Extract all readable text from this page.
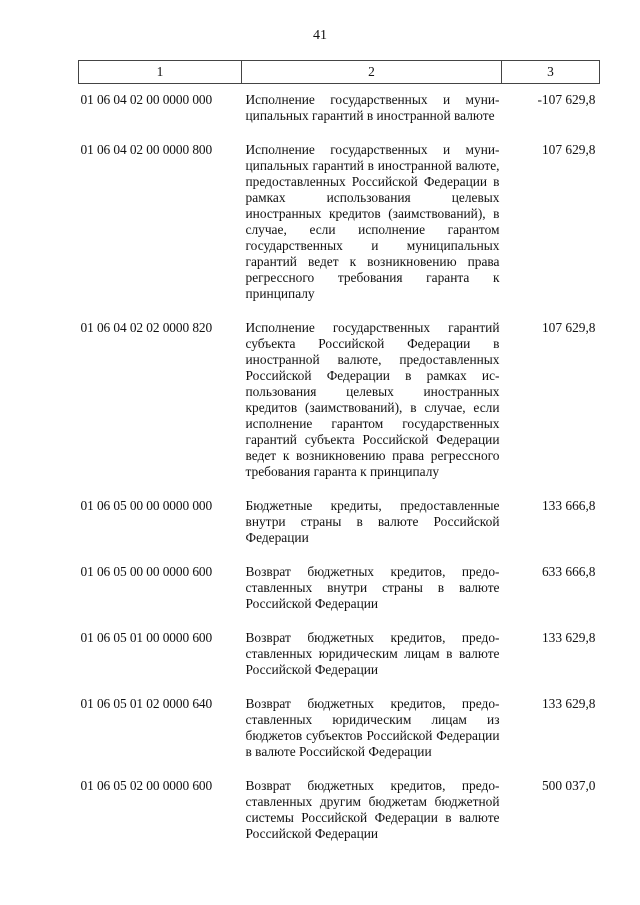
41
1	2	3
01 06 04 02 00 0000 000	Исполнение государственных и муниципальных гарантий в иностранной валюте	-107 629,8

01 06 04 02 00 0000 800	Исполнение государственных и муниципальных гарантий в иностранной валюте, предоставленных Российской Федерации в рамках использования целевых иностранных кредитов (заимствований), в случае, если исполнение гарантом государственных и муниципальных гарантий ведет к возникновению права регрессного требования гаранта к принципалу	107 629,8

01 06 04 02 02 0000 820	Исполнение государственных гарантий субъекта Российской Федерации в иностранной валюте, предоставленных Российской Федерации в рамках использования целевых иностранных кредитов (заимствований), в случае, если исполнение гарантом государственных гарантий субъекта Российской Федерации ведет к возникновению права регрессного требования гаранта к принципалу	107 629,8

01 06 05 00 00 0000 000	Бюджетные кредиты, предоставленные внутри страны в валюте Российской Федерации	133 666,8

01 06 05 00 00 0000 600	Возврат бюджетных кредитов, предоставленных внутри страны в валюте Российской Федерации	633 666,8

01 06 05 01 00 0000 600	Возврат бюджетных кредитов, предоставленных юридическим лицам в валюте Российской Федерации	133 629,8

01 06 05 01 02 0000 640	Возврат бюджетных кредитов, предоставленных юридическим лицам из бюджетов субъектов Российской Федерации в валюте Российской Федерации	133 629,8

01 06 05 02 00 0000 600	Возврат бюджетных кредитов, предоставленных другим бюджетам бюджетной системы Российской Федерации в валюте Российской Федерации	500 037,0
